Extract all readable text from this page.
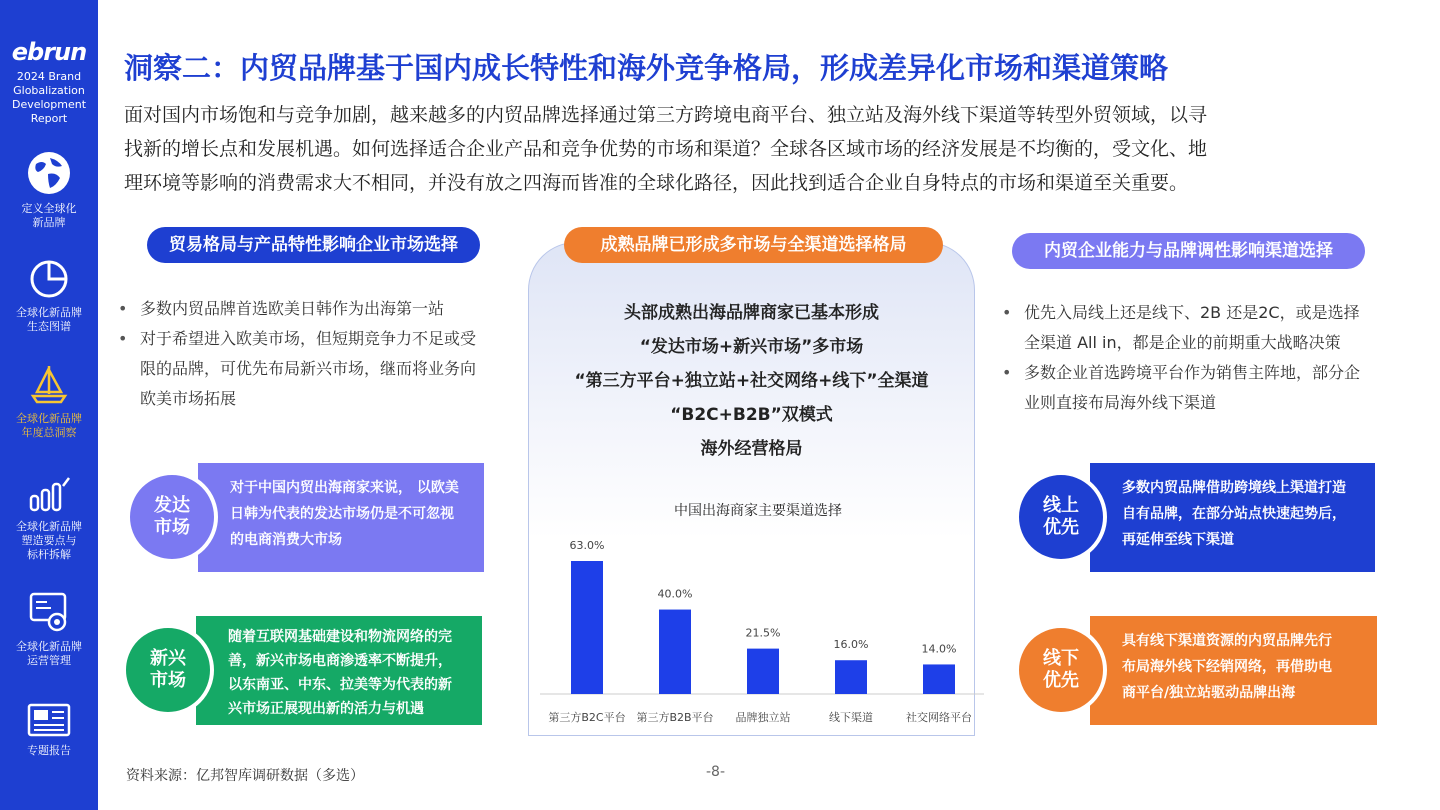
ebrun
2024 Brand
Globalization
Development
Report
定义全球化
新品牌
全球化新品牌
生态图谱
全球化新品牌
年度总洞察
全球化新品牌
塑造要点与
标杆拆解
全球化新品牌
运营管理
专题报告
洞察二：内贸品牌基于国内成长特性和海外竞争格局，形成差异化市场和渠道策略
面对国内市场饱和与竞争加剧，越来越多的内贸品牌选择通过第三方跨境电商平台、独立站及海外线下渠道等转型外贸领域，以寻
找新的增长点和发展机遇。如何选择适合企业产品和竞争优势的市场和渠道？全球各区域市场的经济发展是不均衡的，受文化、地
理环境等影响的消费需求大不相同，并没有放之四海而皆准的全球化路径，因此找到适合企业自身特点的市场和渠道至关重要。
贸易格局与产品特性影响企业市场选择
• 多数内贸品牌首选欧美日韩作为出海第一站
• 对于希望进入欧美市场，但短期竞争力不足或受
限的品牌，可优先布局新兴市场，继而将业务向
欧美市场拓展
对于中国内贸出海商家来说， 以欧美
日韩为代表的发达市场仍是不可忽视
的电商消费大市场
发达
市场
随着互联网基础建设和物流网络的完
善，新兴市场电商渗透率不断提升，
以东南亚、中东、拉美等为代表的新
兴市场正展现出新的活力与机遇
新兴
市场
成熟品牌已形成多市场与全渠道选择格局
头部成熟出海品牌商家已基本形成
“发达市场+新兴市场”多市场
“第三方平台+独立站+社交网络+线下”全渠道
“B2C+B2B”双模式
海外经营格局
中国出海商家主要渠道选择
63.0%
第三方B2C平台
40.0%
第三方B2B平台
21.5%
品牌独立站
16.0%
线下渠道
14.0%
社交网络平台
内贸企业能力与品牌调性影响渠道选择
• 优先入局线上还是线下、2B 还是2C，或是选择
全渠道 All in，都是企业的前期重大战略决策
• 多数企业首选跨境平台作为销售主阵地，部分企
业则直接布局海外线下渠道
多数内贸品牌借助跨境线上渠道打造
自有品牌，在部分站点快速起势后，
再延伸至线下渠道
线上
优先
具有线下渠道资源的内贸品牌先行
布局海外线下经销网络，再借助电
商平台/独立站驱动品牌出海
线下
优先
资料来源：亿邦智库调研数据（多选）	-8-
